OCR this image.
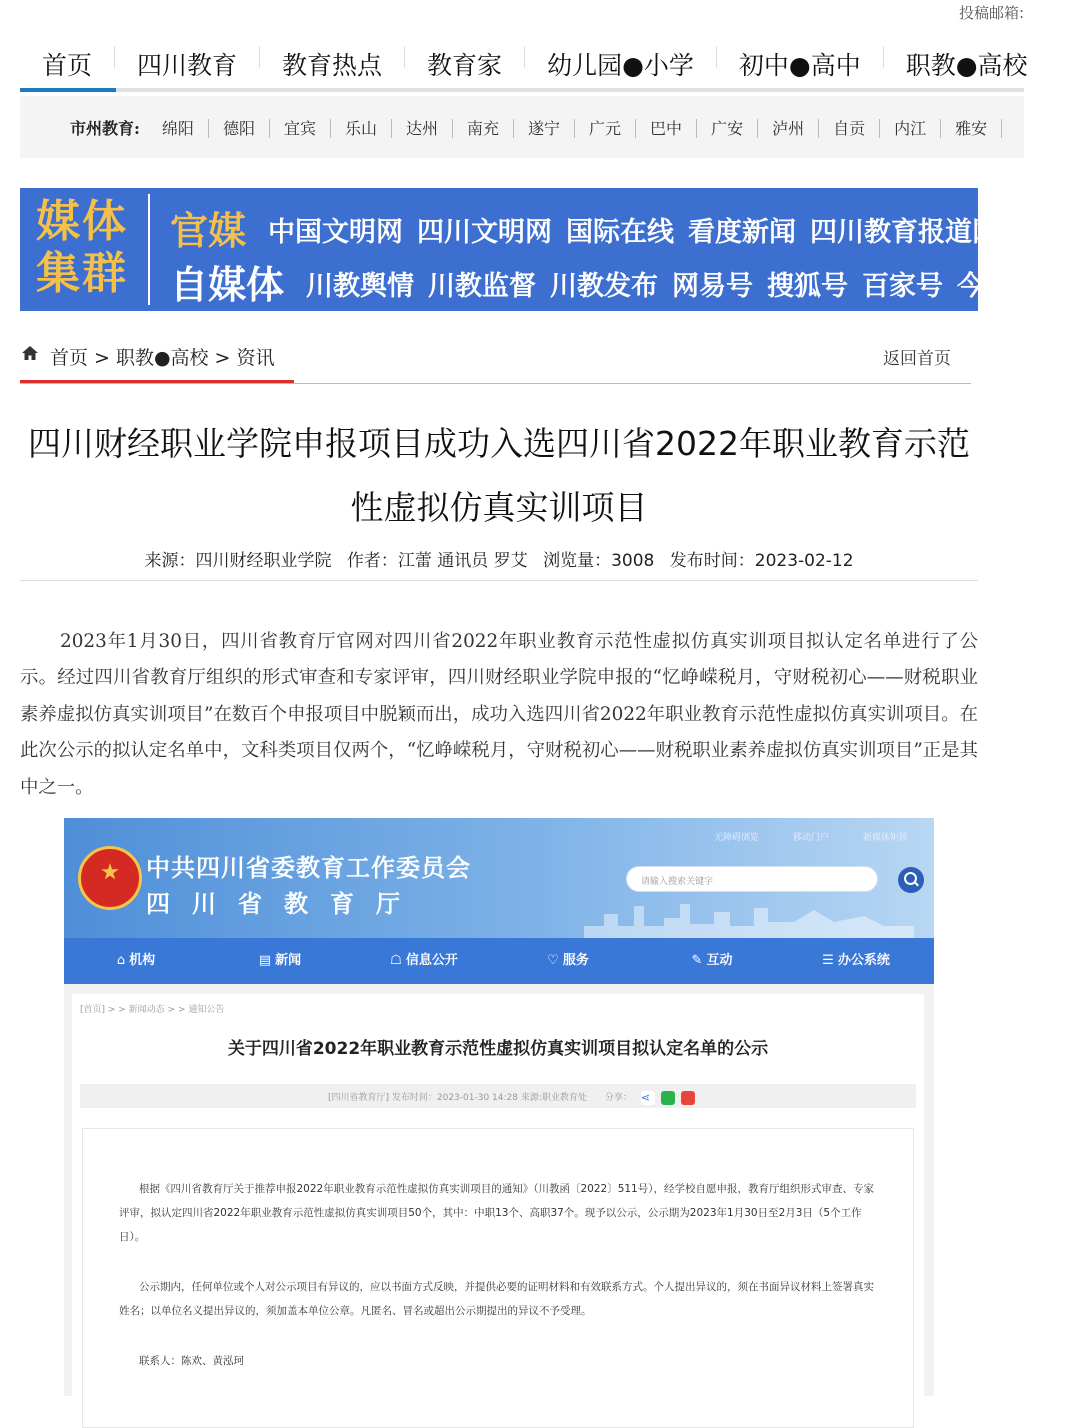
投稿邮箱:
首页 四川教育 教育热点 教育家 幼儿园●小学 初中●高中 职教●高校
市州教育: 绵阳 德阳 宜宾 乐山 达州 南充 遂宁 广元 巴中 广安 泸州 自贡 内江 雅安
媒体
集群
官媒 中国文明网 四川文明网 国际在线 看度新闻 四川教育报道网
自媒体 川教舆情 川教监督 川教发布 网易号 搜狐号 百家号 今日头条
首页 > 职教●高校 > 资讯	返回首页
四川财经职业学院申报项目成功入选四川省2022年职业教育示范性虚拟仿真实训项目
来源：四川财经职业学院 作者：江蕾 通讯员 罗艾 浏览量：3008 发布时间：2023-02-12

2023年1月30日，四川省教育厅官网对四川省2022年职业教育示范性虚拟仿真实训项目拟认定名单进行了公示。经过四川省教育厅组织的形式审查和专家评审，四川财经职业学院申报的“忆峥嵘税月，守财税初心——财税职业素养虚拟仿真实训项目”在数百个申报项目中脱颖而出，成功入选四川省2022年职业教育示范性虚拟仿真实训项目。在此次公示的拟认定名单中，文科类项目仅两个，“忆峥嵘税月，守财税初心——财税职业素养虚拟仿真实训项目”正是其中之一。

中共四川省委教育工作委员会
四川省教育厅
无障碍浏览	移动门户	新媒体矩阵
请输入搜索关键字
⌂ 机构	▤ 新闻	☖ 信息公开	♡ 服务	✎ 互动	☰ 办公系统
[首页] > > 新闻动态 > > 通知公告
关于四川省2022年职业教育示范性虚拟仿真实训项目拟认定名单的公示
[四川省教育厅] 发布时间：2023-01-30 14:28 来源:职业教育处　　分享： ⋖

根据《四川省教育厅关于推荐申报2022年职业教育示范性虚拟仿真实训项目的通知》（川教函〔2022〕511号），经学校自愿申报，教育厅组织形式审查、专家评审，拟认定四川省2022年职业教育示范性虚拟仿真实训项目50个，其中：中职13个、高职37个。现予以公示，公示期为2023年1月30日至2月3日（5个工作日）。

公示期内，任何单位或个人对公示项目有异议的，应以书面方式反映，并提供必要的证明材料和有效联系方式。个人提出异议的，须在书面异议材料上签署真实姓名；以单位名义提出异议的，须加盖本单位公章。凡匿名、冒名或超出公示期提出的异议不予受理。

联系人：陈欢、黄泓珂
